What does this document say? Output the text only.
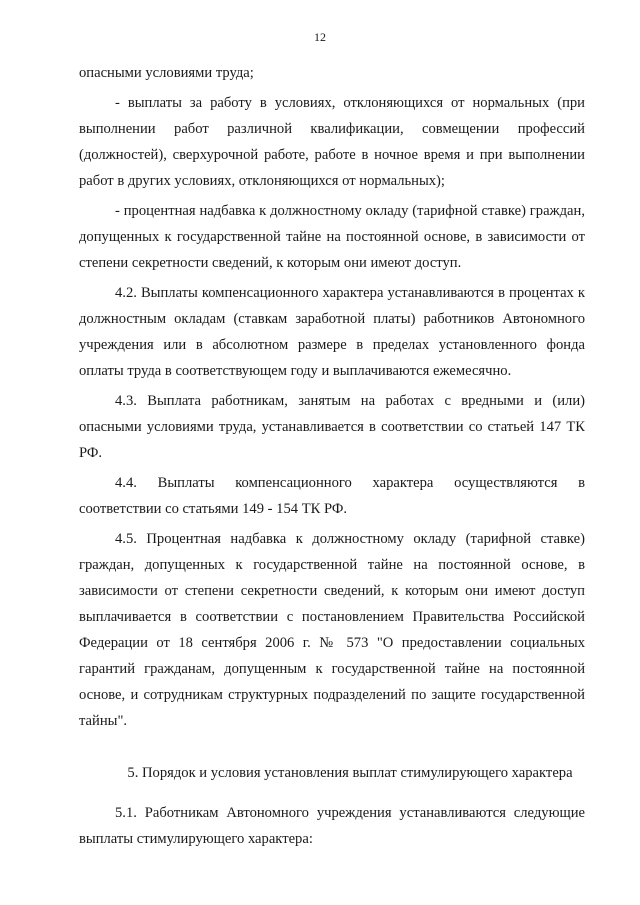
12

опасными условиями труда;

- выплаты за работу в условиях, отклоняющихся от нормальных (при выполнении работ различной квалификации, совмещении профессий (должностей), сверхурочной работе, работе в ночное время и при выполнении работ в других условиях, отклоняющихся от нормальных);

- процентная надбавка к должностному окладу (тарифной ставке) граждан, допущенных к государственной тайне на постоянной основе, в зависимости от степени секретности сведений, к которым они имеют доступ.

4.2. Выплаты компенсационного характера устанавливаются в процентах к должностным окладам (ставкам заработной платы) работников Автономного учреждения или в абсолютном размере в пределах установленного фонда оплаты труда в соответствующем году и выплачиваются ежемесячно.

4.3. Выплата работникам, занятым на работах с вредными и (или) опасными условиями труда, устанавливается в соответствии со статьей 147 ТК РФ.

4.4. Выплаты компенсационного характера осуществляются в соответствии со статьями 149 - 154 ТК РФ.

4.5. Процентная надбавка к должностному окладу (тарифной ставке) граждан, допущенных к государственной тайне на постоянной основе, в зависимости от степени секретности сведений, к которым они имеют доступ выплачивается в соответствии с постановлением Правительства Российской Федерации от 18 сентября 2006 г. № 573 "О предоставлении социальных гарантий гражданам, допущенным к государственной тайне на постоянной основе, и сотрудникам структурных подразделений по защите государственной тайны".

5. Порядок и условия установления выплат стимулирующего характера

5.1. Работникам Автономного учреждения устанавливаются следующие выплаты стимулирующего характера:
